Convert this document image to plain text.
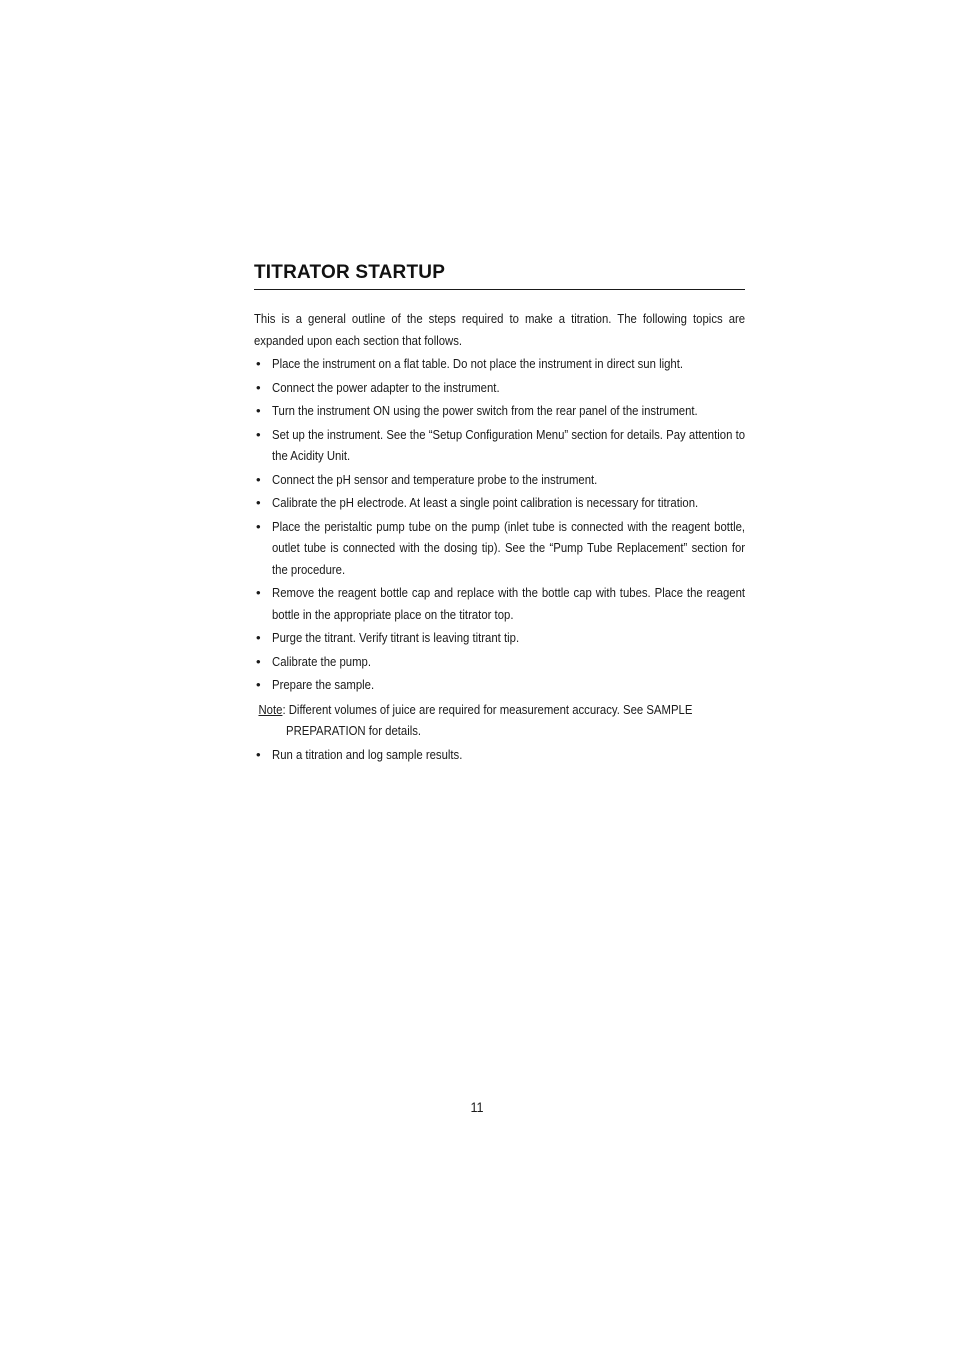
TITRATOR STARTUP

This is a general outline of the steps required to make a titration. The following topics are expanded upon each section that follows.

• Place the instrument on a flat table. Do not place the instrument in direct sun light.
• Connect the power adapter to the instrument.
• Turn the instrument ON using the power switch from the rear panel of the instrument.
• Set up the instrument. See the “Setup Configuration Menu” section for details. Pay attention to the Acidity Unit.
• Connect the pH sensor and temperature probe to the instrument.
• Calibrate the pH electrode. At least a single point calibration is necessary for titration.
• Place the peristaltic pump tube on the pump (inlet tube is connected with the reagent bottle, outlet tube is connected with the dosing tip). See the “Pump Tube Replacement” section for the procedure.
• Remove the reagent bottle cap and replace with the bottle cap with tubes. Place the reagent bottle in the appropriate place on the titrator top.
• Purge the titrant. Verify titrant is leaving titrant tip.
• Calibrate the pump.
• Prepare the sample.
Note: Different volumes of juice are required for measurement accuracy. See SAMPLE PREPARATION for details.
• Run a titration and log sample results.
11
